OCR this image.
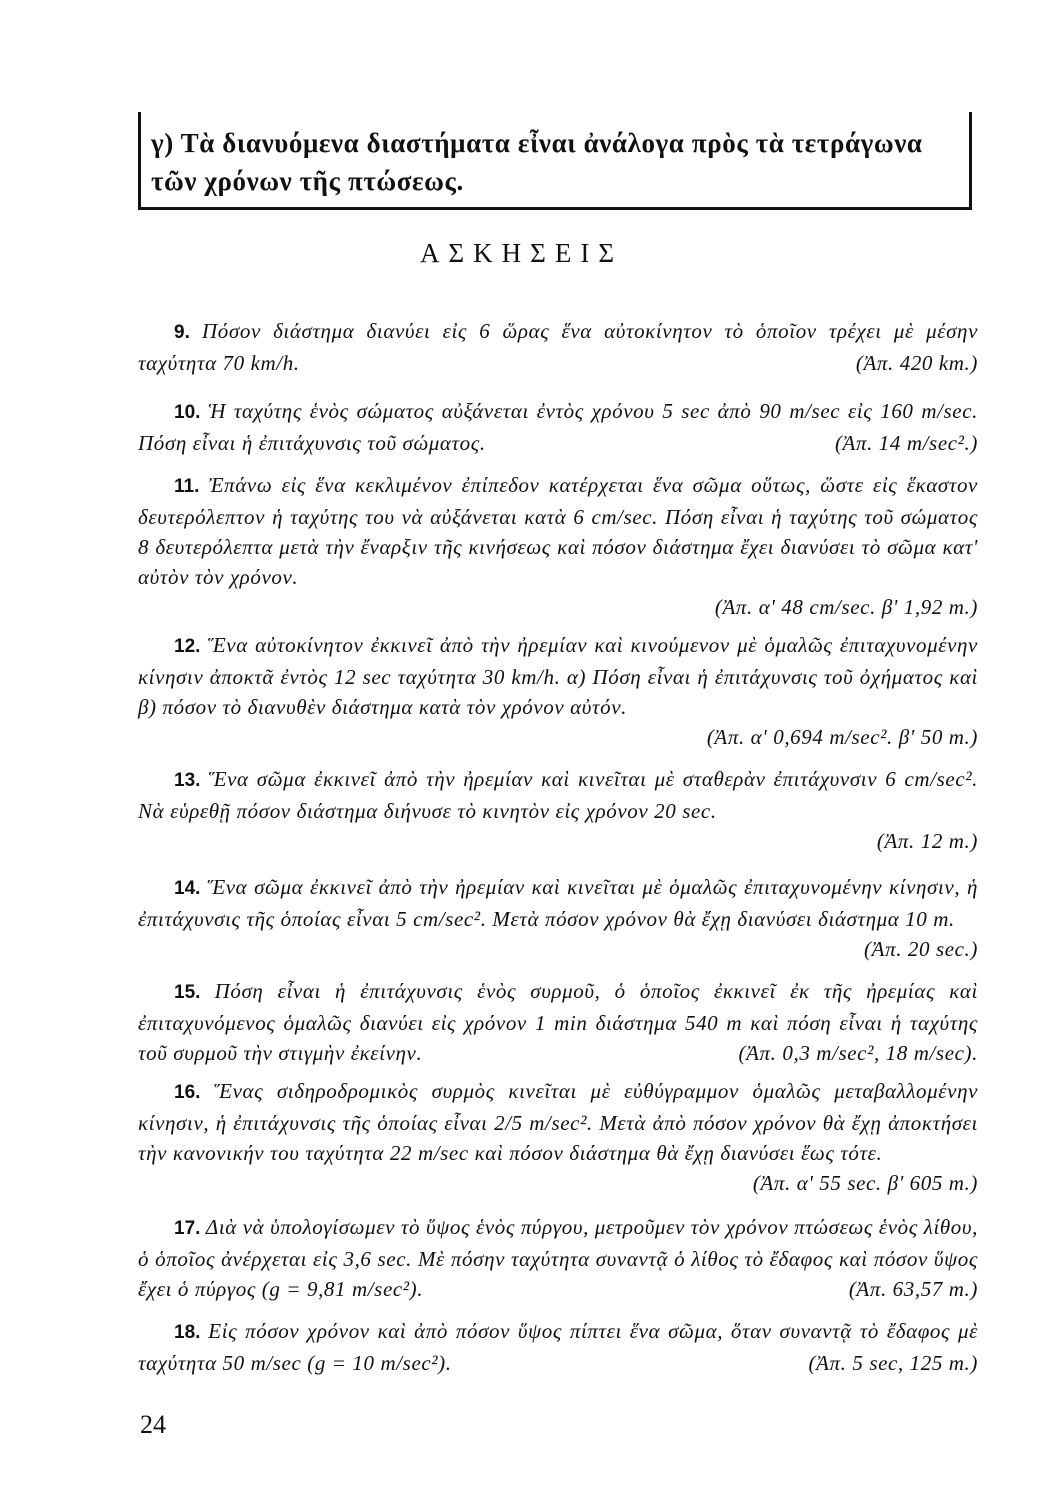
γ) Τὰ διανυόμενα διαστήματα εἶναι ἀνάλογα πρὸς τὰ τετράγωνα τῶν χρόνων τῆς πτώσεως.

ΑΣΚΗΣΕΙΣ
9. Πόσον διάστημα διανύει εἰς 6 ὥρας ἕνα αὐτοκίνητον τὸ ὁποῖον τρέχει μὲ μέσην ταχύτητα 70 km/h.	(Ἀπ. 420 km.)
10. Ἡ ταχύτης ἑνὸς σώματος αὐξάνεται ἐντὸς χρόνου 5 sec ἀπὸ 90 m/sec εἰς 160 m/sec. Πόση εἶναι ἡ ἐπιτάχυνσις τοῦ σώματος.	(Ἀπ. 14 m/sec².)
11. Ἐπάνω εἰς ἕνα κεκλιμένον ἐπίπεδον κατέρχεται ἕνα σῶμα οὕτως, ὥστε εἰς ἕκαστον δευτερόλεπτον ἡ ταχύτης του νὰ αὐξάνεται κατὰ 6 cm/sec. Πόση εἶναι ἡ ταχύτης τοῦ σώματος 8 δευτερόλεπτα μετὰ τὴν ἔναρξιν τῆς κινήσεως καὶ πόσον διάστημα ἔχει διανύσει τὸ σῶμα κατ' αὐτὸν τὸν χρόνον.
(Ἀπ. α' 48 cm/sec. β' 1,92 m.)
12. Ἕνα αὐτοκίνητον ἐκκινεῖ ἀπὸ τὴν ἠρεμίαν καὶ κινούμενον μὲ ὁμαλῶς ἐπιταχυνομένην κίνησιν ἀποκτᾶ ἐντὸς 12 sec ταχύτητα 30 km/h. α) Πόση εἶναι ἡ ἐπιτάχυνσις τοῦ ὀχήματος καὶ β) πόσον τὸ διανυθὲν διάστημα κατὰ τὸν χρόνον αὐτόν.
(Ἀπ. α' 0,694 m/sec². β' 50 m.)
13. Ἕνα σῶμα ἐκκινεῖ ἀπὸ τὴν ἠρεμίαν καὶ κινεῖται μὲ σταθερὰν ἐπιτάχυνσιν 6 cm/sec². Νὰ εὑρεθῇ πόσον διάστημα διήνυσε τὸ κινητὸν εἰς χρόνον 20 sec.
(Ἀπ. 12 m.)
14. Ἕνα σῶμα ἐκκινεῖ ἀπὸ τὴν ἠρεμίαν καὶ κινεῖται μὲ ὁμαλῶς ἐπιταχυνομένην κίνησιν, ἡ ἐπιτάχυνσις τῆς ὁποίας εἶναι 5 cm/sec². Μετὰ πόσον χρόνον θὰ ἔχῃ διανύσει διάστημα 10 m.
(Ἀπ. 20 sec.)
15. Πόση εἶναι ἡ ἐπιτάχυνσις ἑνὸς συρμοῦ, ὁ ὁποῖος ἐκκινεῖ ἐκ τῆς ἠρεμίας καὶ ἐπιταχυνόμενος ὁμαλῶς διανύει εἰς χρόνον 1 min διάστημα 540 m καὶ πόση εἶναι ἡ ταχύτης τοῦ συρμοῦ τὴν στιγμὴν ἐκείνην.	(Ἀπ. 0,3 m/sec², 18 m/sec).
16. Ἕνας σιδηροδρομικὸς συρμὸς κινεῖται μὲ εὐθύγραμμον ὁμαλῶς μεταβαλλομένην κίνησιν, ἡ ἐπιτάχυνσις τῆς ὁποίας εἶναι 2/5 m/sec². Μετὰ ἀπὸ πόσον χρόνον θὰ ἔχῃ ἀποκτήσει τὴν κανονικήν του ταχύτητα 22 m/sec καὶ πόσον διάστημα θὰ ἔχῃ διανύσει ἕως τότε.
(Ἀπ. α' 55 sec. β' 605 m.)
17. Διὰ νὰ ὑπολογίσωμεν τὸ ὕψος ἑνὸς πύργου, μετροῦμεν τὸν χρόνον πτώσεως ἑνὸς λίθου, ὁ ὁποῖος ἀνέρχεται εἰς 3,6 sec. Μὲ πόσην ταχύτητα συναντᾷ ὁ λίθος τὸ ἔδαφος καὶ πόσον ὕψος ἔχει ὁ πύργος (g = 9,81 m/sec²).	(Ἀπ. 63,57 m.)
18. Εἰς πόσον χρόνον καὶ ἀπὸ πόσον ὕψος πίπτει ἕνα σῶμα, ὅταν συναντᾷ τὸ ἔδαφος μὲ ταχύτητα 50 m/sec (g = 10 m/sec²).	(Ἀπ. 5 sec, 125 m.)
24
